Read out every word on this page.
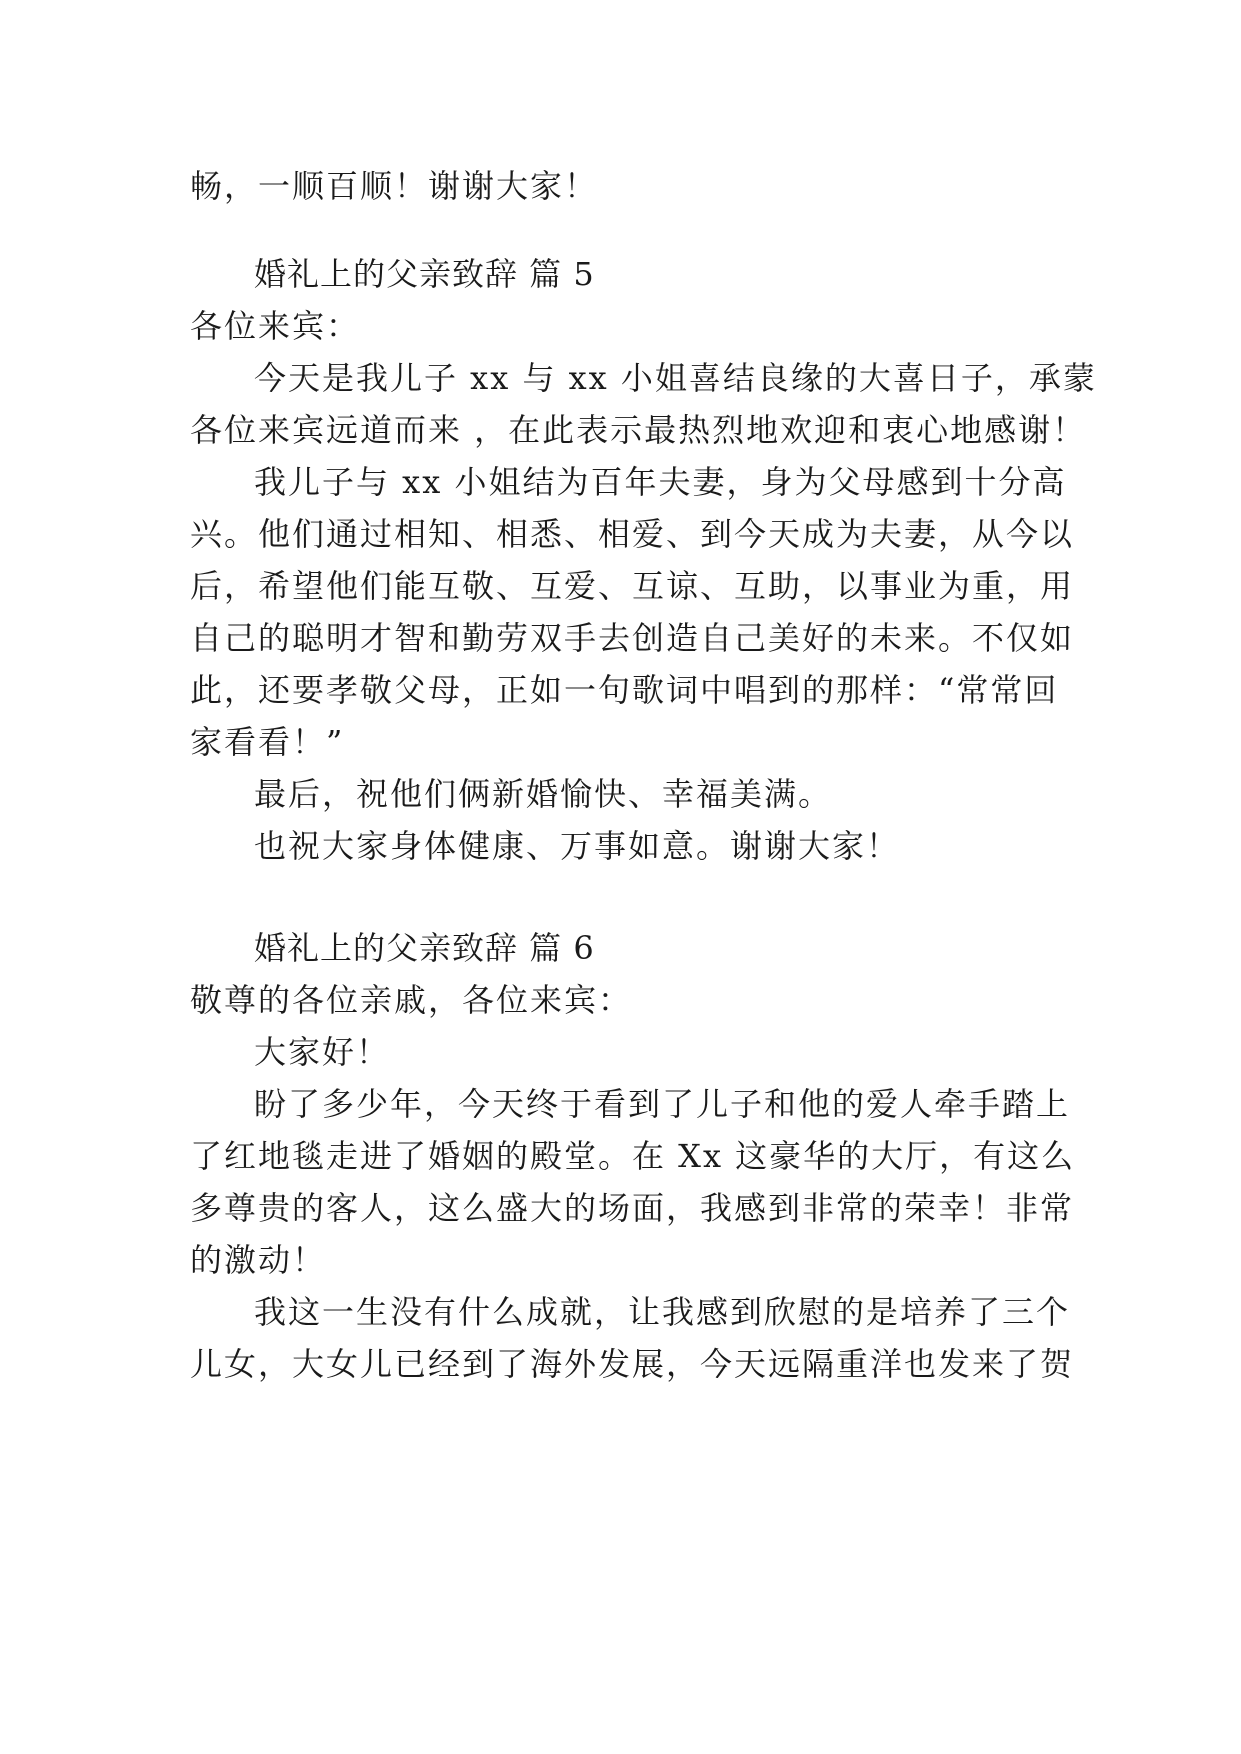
畅，一顺百顺！谢谢大家！
婚礼上的父亲致辞 篇 5
各位来宾：
今天是我儿子 xx 与 xx 小姐喜结良缘的大喜日子，承蒙
各位来宾远道而来 ，在此表示最热烈地欢迎和衷心地感谢！
我儿子与 xx 小姐结为百年夫妻，身为父母感到十分高
兴。他们通过相知、相悉、相爱、到今天成为夫妻，从今以
后，希望他们能互敬、互爱、互谅、互助，以事业为重，用
自己的聪明才智和勤劳双手去创造自己美好的未来。不仅如
此，还要孝敬父母，正如一句歌词中唱到的那样：“常常回
家看看！”
最后，祝他们俩新婚愉快、幸福美满。
也祝大家身体健康、万事如意。谢谢大家！
婚礼上的父亲致辞 篇 6
敬尊的各位亲戚，各位来宾：
大家好！
盼了多少年，今天终于看到了儿子和他的爱人牵手踏上
了红地毯走进了婚姻的殿堂。在 Xx 这豪华的大厅，有这么
多尊贵的客人，这么盛大的场面，我感到非常的荣幸！非常
的激动！
我这一生没有什么成就，让我感到欣慰的是培养了三个
儿女，大女儿已经到了海外发展，今天远隔重洋也发来了贺
